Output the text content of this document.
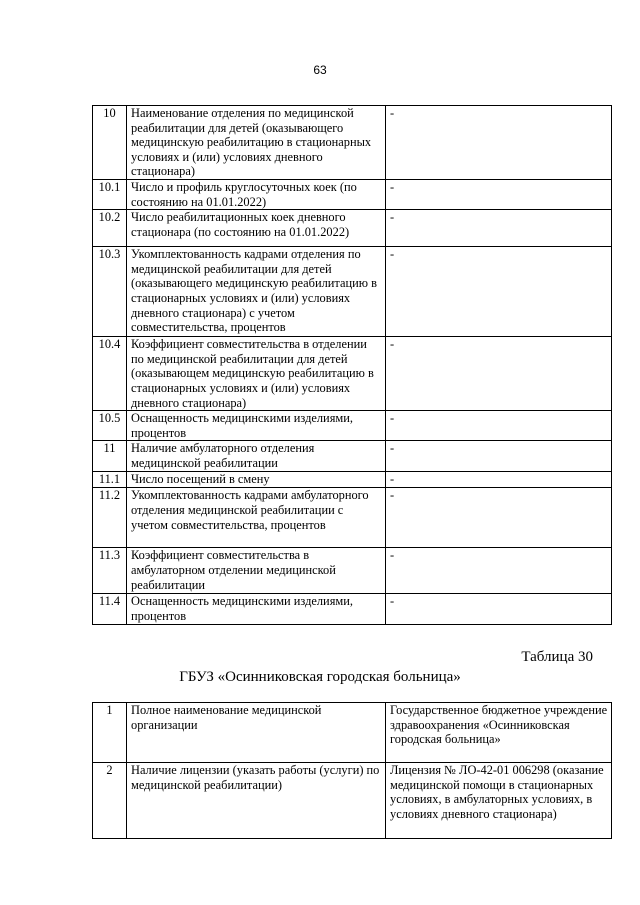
63
10	Наименование отделения по медицинской реабилитации для детей (оказывающего медицинскую реабилитацию в стационарных условиях и (или) условиях дневного стационара)	-
10.1	Число и профиль круглосуточных коек (по состоянию на 01.01.2022)	-
10.2	Число реабилитационных коек дневного стационара (по состоянию на 01.01.2022)	-
10.3	Укомплектованность кадрами отделения по медицинской реабилитации для детей (оказывающего медицинскую реабилитацию в стационарных условиях и (или) условиях дневного стационара) с учетом совместительства, процентов	-
10.4	Коэффициент совместительства в отделении по медицинской реабилитации для детей (оказывающем медицинскую реабилитацию в стационарных условиях и (или) условиях дневного стационара)	-
10.5	Оснащенность медицинскими изделиями, процентов	-
11	Наличие амбулаторного отделения медицинской реабилитации	-
11.1	Число посещений в смену	-
11.2	Укомплектованность кадрами амбулаторного отделения медицинской реабилитации с учетом совместительства, процентов	-
11.3	Коэффициент совместительства в амбулаторном отделении медицинской реабилитации	-
11.4	Оснащенность медицинскими изделиями, процентов	-
Таблица 30
ГБУЗ «Осинниковская городская больница»
1	Полное наименование медицинской организации	Государственное бюджетное учреждение здравоохранения «Осинниковская городская больница»
2	Наличие лицензии (указать работы (услуги) по медицинской реабилитации)	Лицензия № ЛО-42-01 006298 (оказание медицинской помощи в стационарных условиях, в амбулаторных условиях, в условиях дневного стационара)
